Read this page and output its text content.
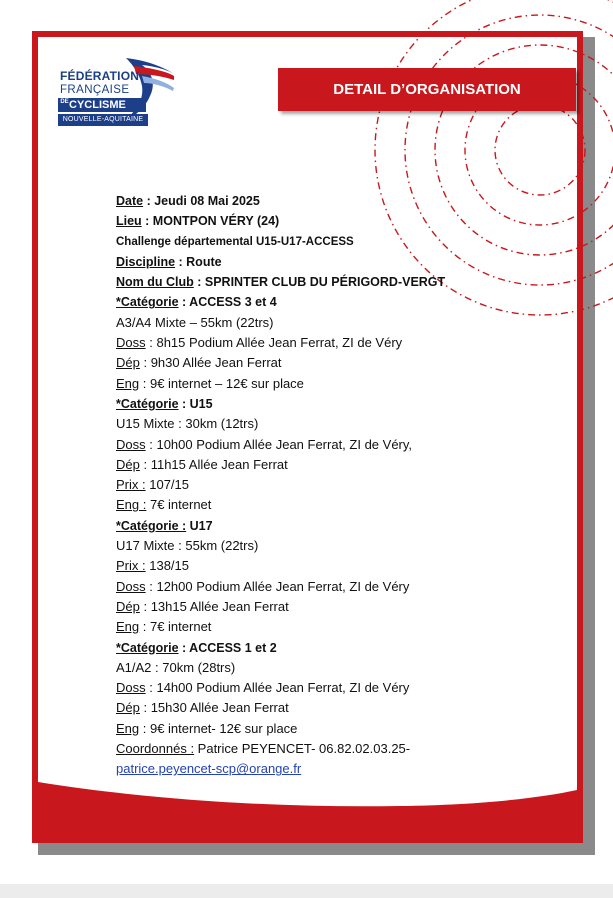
FÉDÉRATION
FRANÇAISE
DECYCLISME
NOUVELLE-AQUITAINE
DETAIL D’ORGANISATION
Date : Jeudi 08 Mai 2025
Lieu : MONTPON VÉRY (24)
Challenge départemental U15-U17-ACCESS
Discipline : Route
Nom du Club : SPRINTER CLUB DU PÉRIGORD-VERGT
*Catégorie : ACCESS 3 et 4
A3/A4 Mixte – 55km (22trs)
Doss : 8h15 Podium Allée Jean Ferrat, ZI de Véry
Dép : 9h30 Allée Jean Ferrat
Eng : 9€ internet – 12€ sur place
*Catégorie : U15
U15 Mixte : 30km (12trs)
Doss : 10h00 Podium Allée Jean Ferrat, ZI de Véry,
Dép : 11h15 Allée Jean Ferrat
Prix : 107/15
Eng : 7€ internet
*Catégorie : U17
U17 Mixte : 55km (22trs)
Prix : 138/15
Doss : 12h00 Podium Allée Jean Ferrat, ZI de Véry
Dép : 13h15 Allée Jean Ferrat
Eng : 7€ internet
*Catégorie : ACCESS 1 et 2
A1/A2 : 70km (28trs)
Doss : 14h00 Podium Allée Jean Ferrat, ZI de Véry
Dép : 15h30 Allée Jean Ferrat
Eng : 9€ internet- 12€ sur place
Coordonnés : Patrice PEYENCET- 06.82.02.03.25-
patrice.peyencet-scp@orange.fr
